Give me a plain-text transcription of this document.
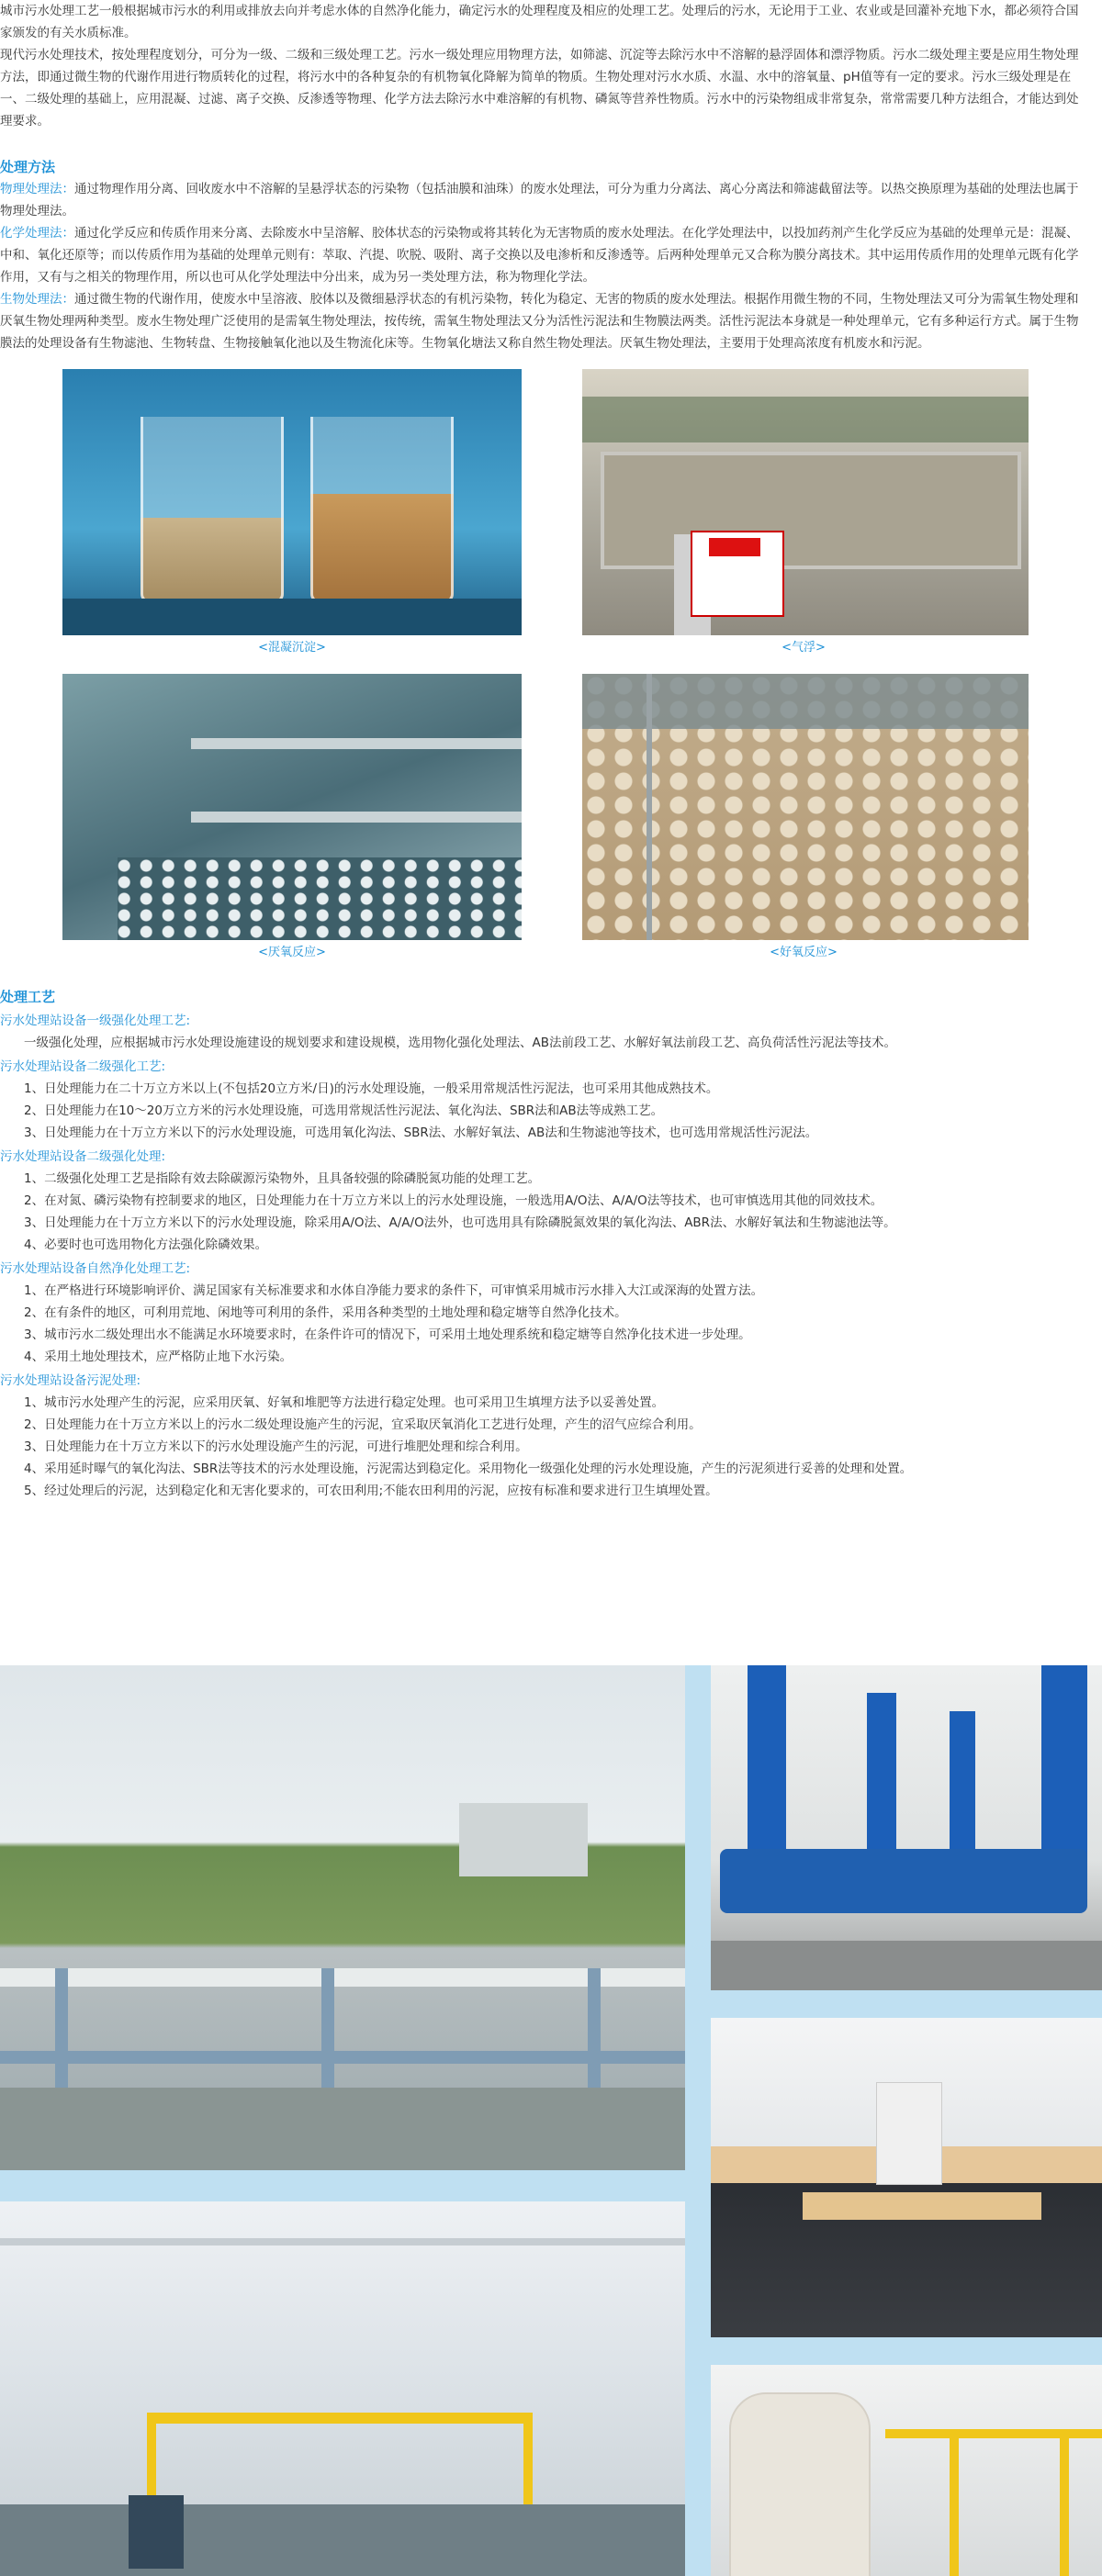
城市污水处理工艺一般根据城市污水的利用或排放去向并考虑水体的自然净化能力，确定污水的处理程度及相应的处理工艺。处理后的污水，无论用于工业、农业或是回灌补充地下水，都必须符合国家颁发的有关水质标准。

现代污水处理技术，按处理程度划分，可分为一级、二级和三级处理工艺。污水一级处理应用物理方法，如筛滤、沉淀等去除污水中不溶解的悬浮固体和漂浮物质。污水二级处理主要是应用生物处理方法，即通过微生物的代谢作用进行物质转化的过程，将污水中的各种复杂的有机物氧化降解为简单的物质。生物处理对污水水质、水温、水中的溶氧量、pH值等有一定的要求。污水三级处理是在一、二级处理的基础上，应用混凝、过滤、离子交换、反渗透等物理、化学方法去除污水中难溶解的有机物、磷氮等营养性物质。污水中的污染物组成非常复杂，常常需要几种方法组合，才能达到处理要求。

处理方法

物理处理法：通过物理作用分离、回收废水中不溶解的呈悬浮状态的污染物（包括油膜和油珠）的废水处理法，可分为重力分离法、离心分离法和筛滤截留法等。以热交换原理为基础的处理法也属于物理处理法。

化学处理法：通过化学反应和传质作用来分离、去除废水中呈溶解、胶体状态的污染物或将其转化为无害物质的废水处理法。在化学处理法中，以投加药剂产生化学反应为基础的处理单元是：混凝、中和、氧化还原等；而以传质作用为基础的处理单元则有：萃取、汽提、吹脱、吸附、离子交换以及电渗析和反渗透等。后两种处理单元又合称为膜分离技术。其中运用传质作用的处理单元既有化学作用，又有与之相关的物理作用，所以也可从化学处理法中分出来，成为另一类处理方法，称为物理化学法。

生物处理法：通过微生物的代谢作用，使废水中呈溶液、胶体以及微细悬浮状态的有机污染物，转化为稳定、无害的物质的废水处理法。根据作用微生物的不同，生物处理法又可分为需氧生物处理和厌氧生物处理两种类型。废水生物处理广泛使用的是需氧生物处理法，按传统，需氧生物处理法又分为活性污泥法和生物膜法两类。活性污泥法本身就是一种处理单元，它有多种运行方式。属于生物膜法的处理设备有生物滤池、生物转盘、生物接触氧化池以及生物流化床等。生物氧化塘法又称自然生物处理法。厌氧生物处理法，主要用于处理高浓度有机废水和污泥。

<混凝沉淀>	<气浮>
<厌氧反应>	<好氧反应>
处理工艺
污水处理站设备一级强化处理工艺:

一级强化处理，应根据城市污水处理设施建设的规划要求和建设规模，选用物化强化处理法、AB法前段工艺、水解好氧法前段工艺、高负荷活性污泥法等技术。

污水处理站设备二级强化工艺:

1、日处理能力在二十万立方米以上(不包括20立方米/日)的污水处理设施，一般采用常规活性污泥法，也可采用其他成熟技术。

2、日处理能力在10～20万立方米的污水处理设施，可选用常规活性污泥法、氧化沟法、SBR法和AB法等成熟工艺。

3、日处理能力在十万立方米以下的污水处理设施，可选用氧化沟法、SBR法、水解好氧法、AB法和生物滤池等技术，也可选用常规活性污泥法。

污水处理站设备二级强化处理:

1、二级强化处理工艺是指除有效去除碳源污染物外，且具备较强的除磷脱氮功能的处理工艺。

2、在对氮、磷污染物有控制要求的地区，日处理能力在十万立方米以上的污水处理设施，一般选用A/O法、A/A/O法等技术，也可审慎选用其他的同效技术。

3、日处理能力在十万立方米以下的污水处理设施，除采用A/O法、A/A/O法外，也可选用具有除磷脱氮效果的氧化沟法、ABR法、水解好氧法和生物滤池法等。

4、必要时也可选用物化方法强化除磷效果。

污水处理站设备自然净化处理工艺:

1、在严格进行环境影响评价、满足国家有关标准要求和水体自净能力要求的条件下，可审慎采用城市污水排入大江或深海的处置方法。

2、在有条件的地区，可利用荒地、闲地等可利用的条件，采用各种类型的土地处理和稳定塘等自然净化技术。

3、城市污水二级处理出水不能满足水环境要求时，在条件许可的情况下，可采用土地处理系统和稳定塘等自然净化技术进一步处理。

4、采用土地处理技术，应严格防止地下水污染。

污水处理站设备污泥处理:

1、城市污水处理产生的污泥，应采用厌氧、好氧和堆肥等方法进行稳定处理。也可采用卫生填埋方法予以妥善处置。

2、日处理能力在十万立方米以上的污水二级处理设施产生的污泥，宜采取厌氧消化工艺进行处理，产生的沼气应综合利用。

3、日处理能力在十万立方米以下的污水处理设施产生的污泥，可进行堆肥处理和综合利用。

4、采用延时曝气的氧化沟法、SBR法等技术的污水处理设施，污泥需达到稳定化。采用物化一级强化处理的污水处理设施，产生的污泥须进行妥善的处理和处置。

5、经过处理后的污泥，达到稳定化和无害化要求的，可农田利用;不能农田利用的污泥，应按有标准和要求进行卫生填埋处置。
